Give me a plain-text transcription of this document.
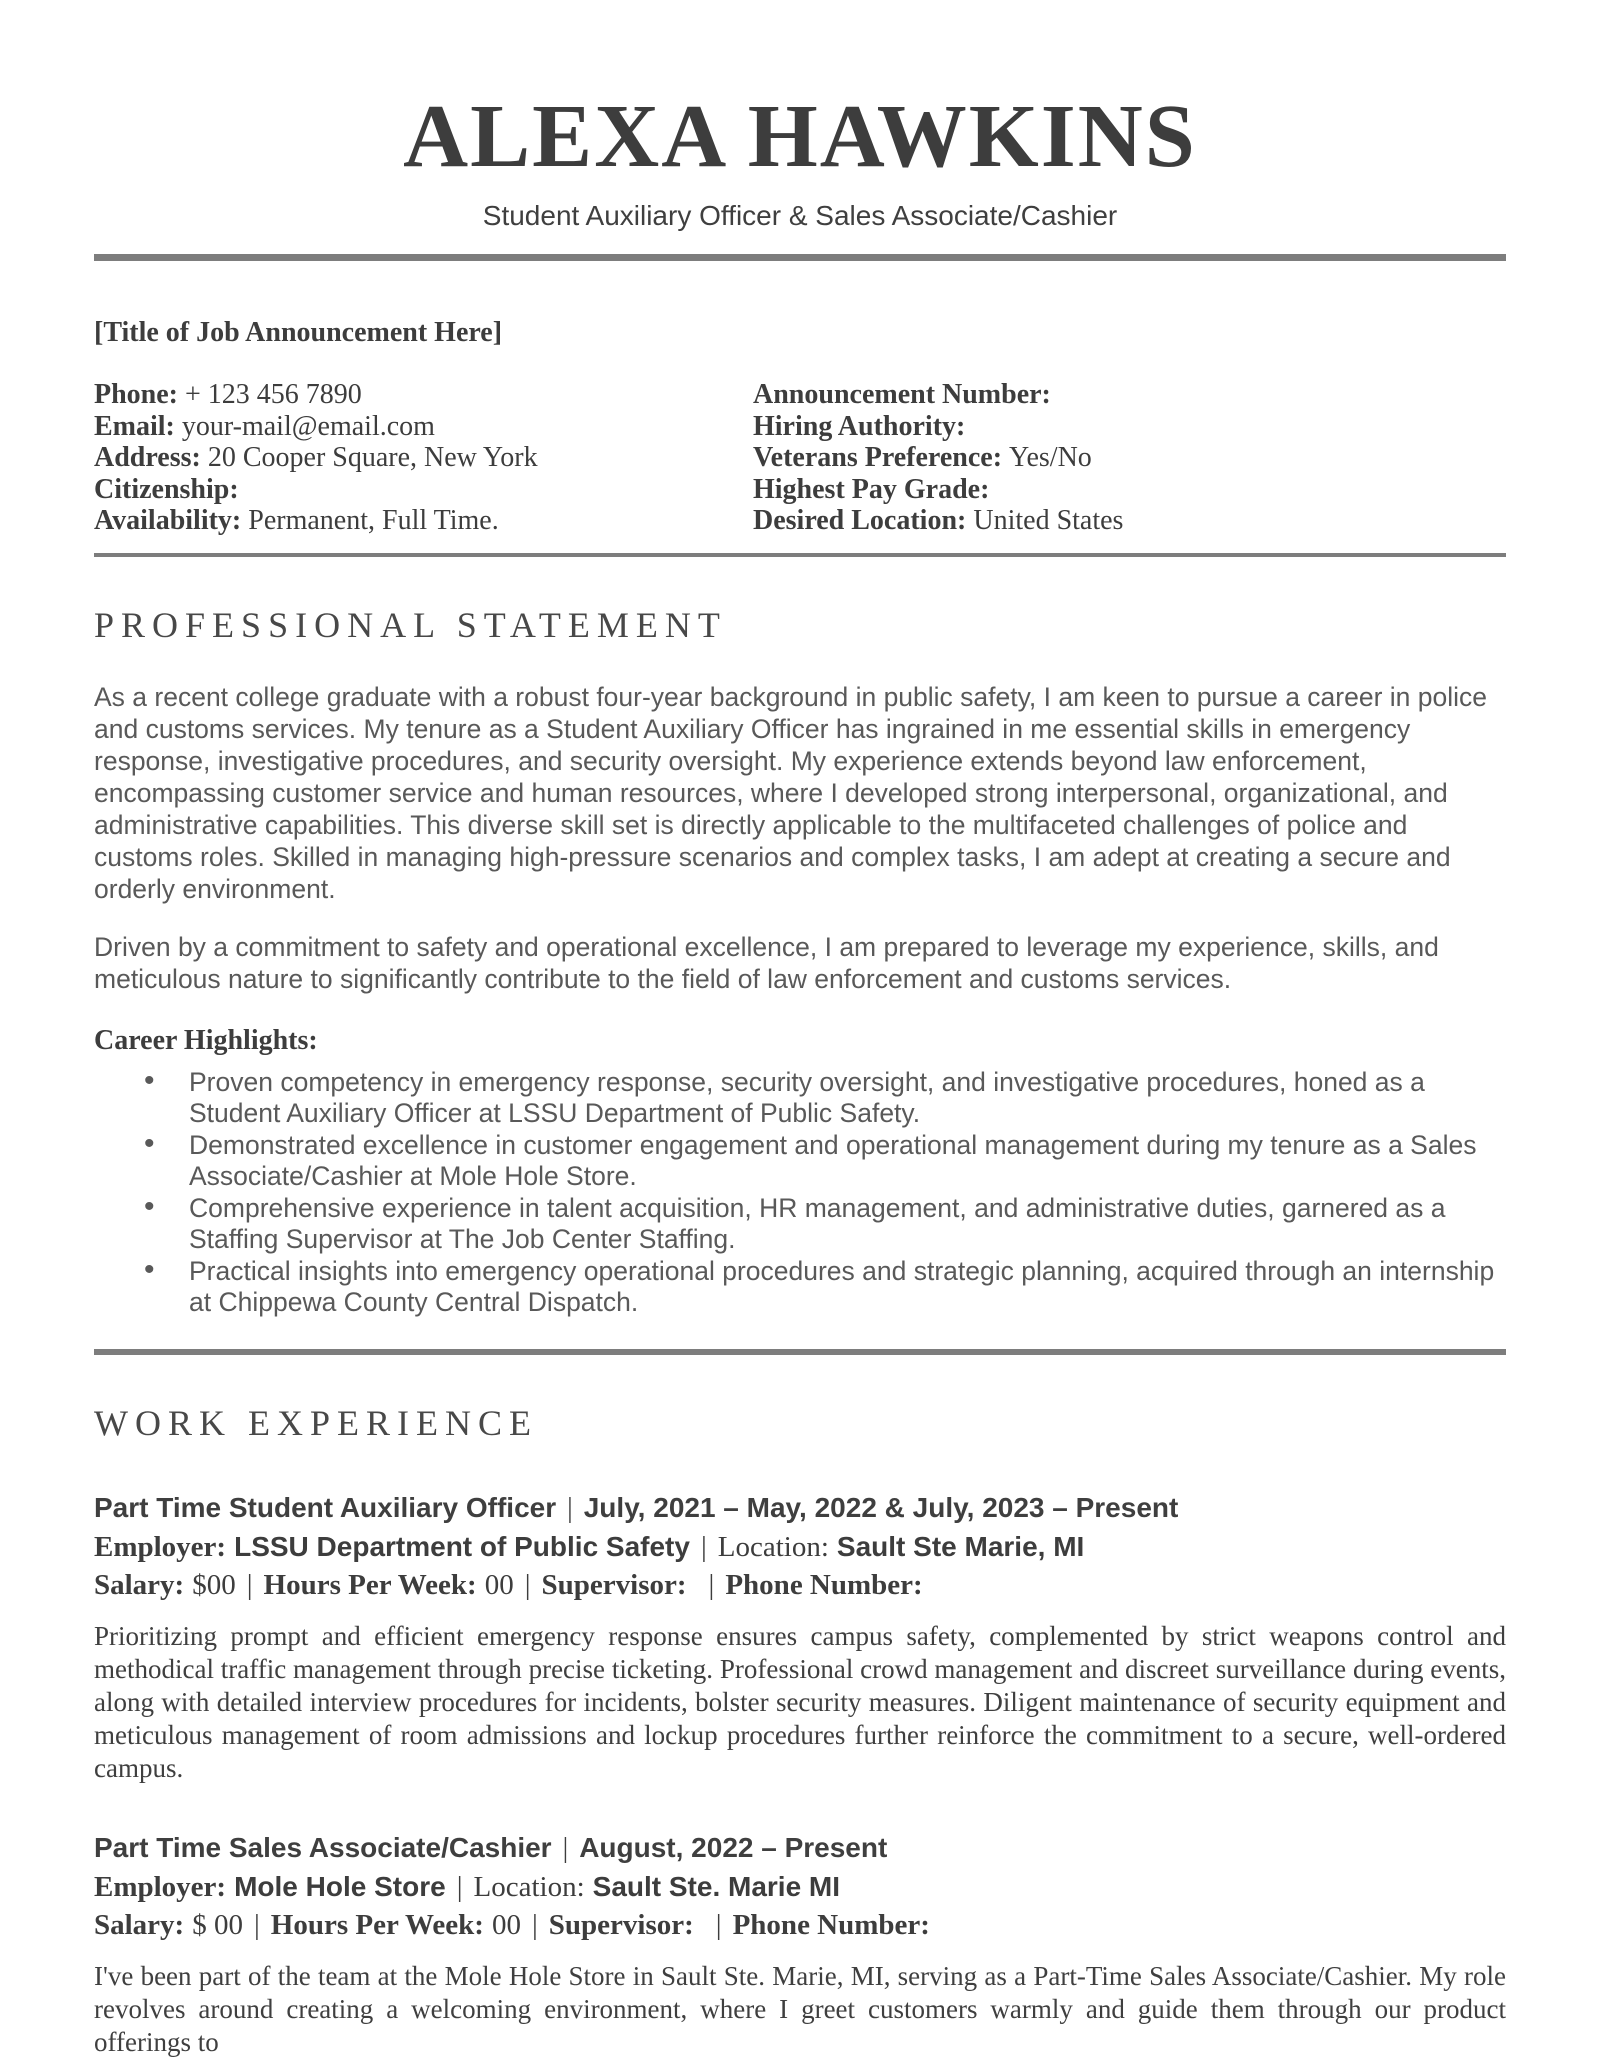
ALEXA HAWKINS
Student Auxiliary Officer & Sales Associate/Cashier
[Title of Job Announcement Here]
Phone: + 123 456 7890
Email: your-mail@email.com
Address: 20 Cooper Square, New York
Citizenship:
Availability: Permanent, Full Time.
Announcement Number:
Hiring Authority:
Veterans Preference: Yes/No
Highest Pay Grade:
Desired Location: United States
PROFESSIONAL STATEMENT

As a recent college graduate with a robust four-year background in public safety, I am keen to pursue a career in police and customs services. My tenure as a Student Auxiliary Officer has ingrained in me essential skills in emergency response, investigative procedures, and security oversight. My experience extends beyond law enforcement, encompassing customer service and human resources, where I developed strong interpersonal, organizational, and administrative capabilities. This diverse skill set is directly applicable to the multifaceted challenges of police and customs roles. Skilled in managing high-pressure scenarios and complex tasks, I am adept at creating a secure and orderly environment.

Driven by a commitment to safety and operational excellence, I am prepared to leverage my experience, skills, and meticulous nature to significantly contribute to the field of law enforcement and customs services.

Career Highlights:
• Proven competency in emergency response, security oversight, and investigative procedures, honed as a Student Auxiliary Officer at LSSU Department of Public Safety.
• Demonstrated excellence in customer engagement and operational management during my tenure as a Sales Associate/Cashier at Mole Hole Store.
• Comprehensive experience in talent acquisition, HR management, and administrative duties, garnered as a Staffing Supervisor at The Job Center Staffing.
• Practical insights into emergency operational procedures and strategic planning, acquired through an internship at Chippewa County Central Dispatch.
WORK EXPERIENCE
Part Time Student Auxiliary Officer | July, 2021 – May, 2022 & July, 2023 – Present
Employer: LSSU Department of Public Safety | Location: Sault Ste Marie, MI
Salary: $00 | Hours Per Week: 00 | Supervisor: | Phone Number:

Prioritizing prompt and efficient emergency response ensures campus safety, complemented by strict weapons control and methodical traffic management through precise ticketing. Professional crowd management and discreet surveillance during events, along with detailed interview procedures for incidents, bolster security measures. Diligent maintenance of security equipment and meticulous management of room admissions and lockup procedures further reinforce the commitment to a secure, well-ordered campus.

Part Time Sales Associate/Cashier | August, 2022 – Present
Employer: Mole Hole Store | Location: Sault Ste. Marie MI
Salary: $ 00 | Hours Per Week: 00 | Supervisor: | Phone Number:

I've been part of the team at the Mole Hole Store in Sault Ste. Marie, MI, serving as a Part-Time Sales Associate/Cashier. My role revolves around creating a welcoming environment, where I greet customers warmly and guide them through our product offerings to
